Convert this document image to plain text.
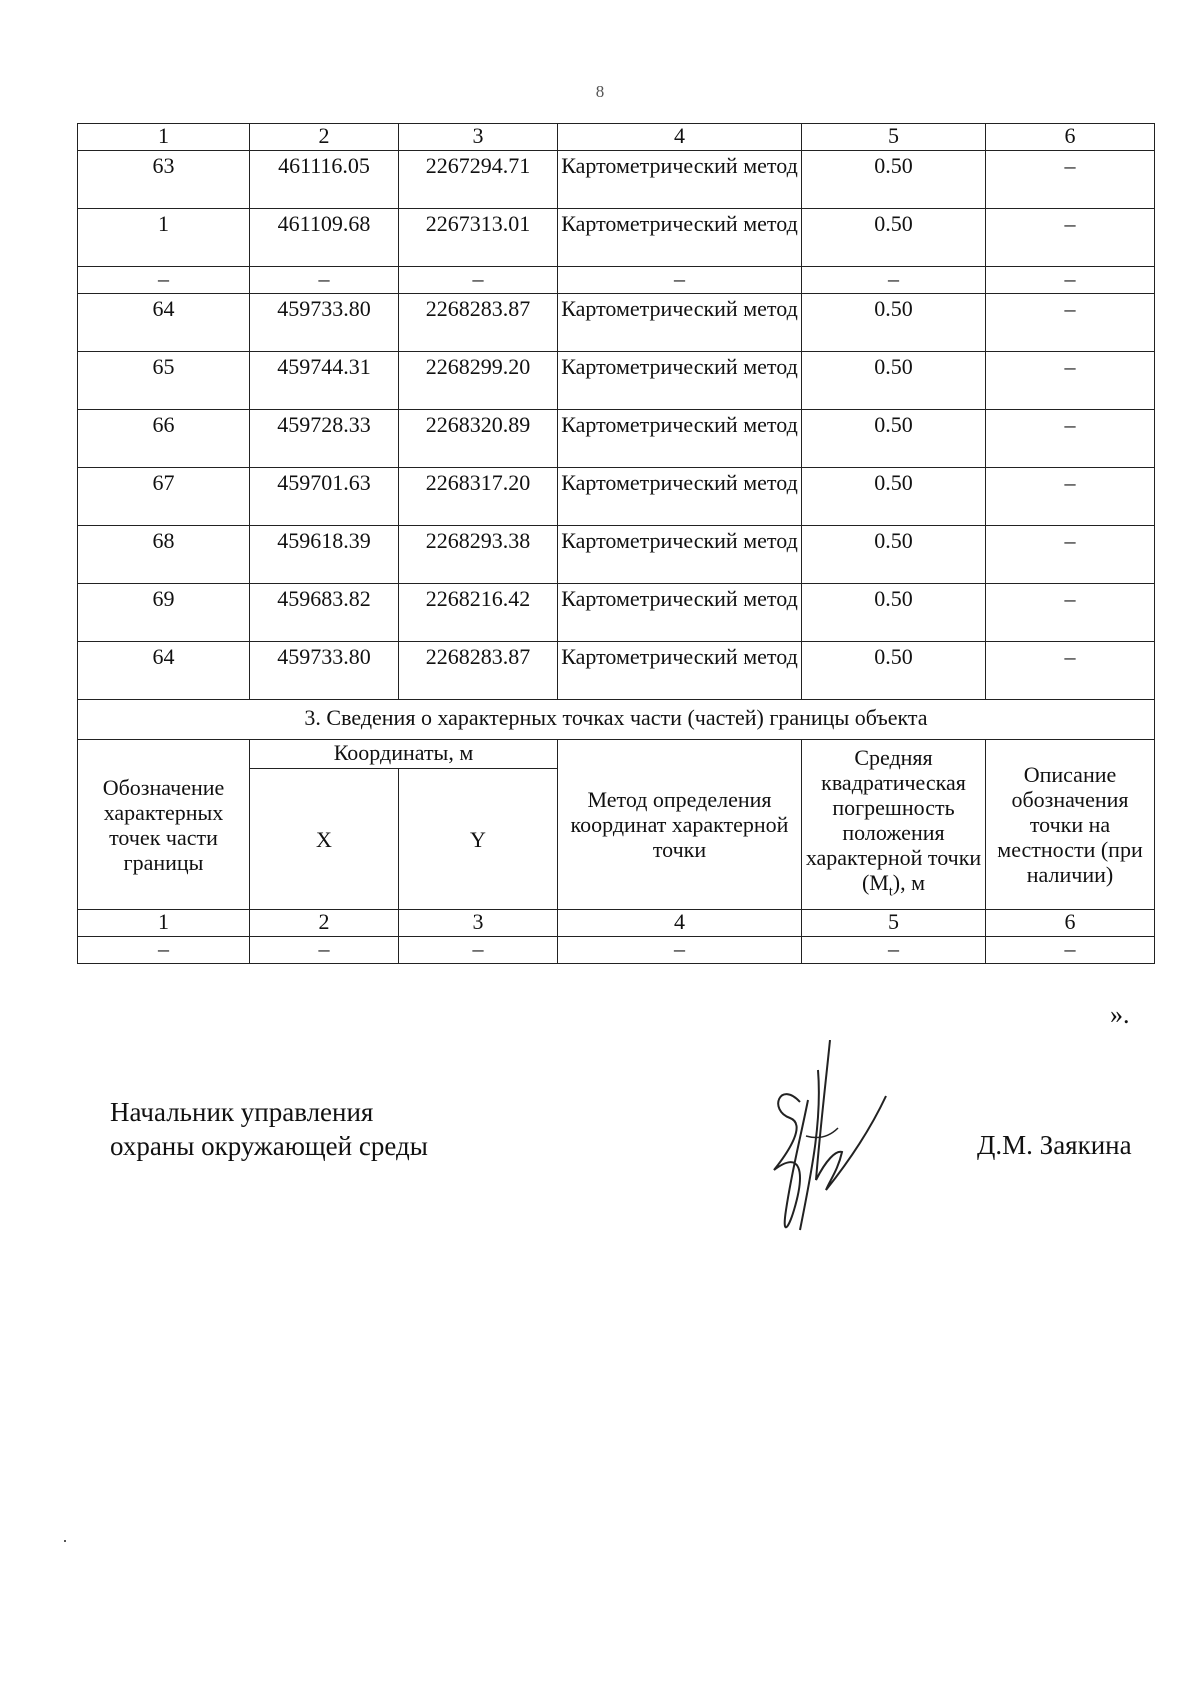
8
1	2	3	4	5	6
63	461116.05	2267294.71	Картометрический метод	0.50	–
1	461109.68	2267313.01	Картометрический метод	0.50	–
–	–	–	–	–	–
64	459733.80	2268283.87	Картометрический метод	0.50	–
65	459744.31	2268299.20	Картометрический метод	0.50	–
66	459728.33	2268320.89	Картометрический метод	0.50	–
67	459701.63	2268317.20	Картометрический метод	0.50	–
68	459618.39	2268293.38	Картометрический метод	0.50	–
69	459683.82	2268216.42	Картометрический метод	0.50	–
64	459733.80	2268283.87	Картометрический метод	0.50	–
3. Сведения о характерных точках части (частей) границы объекта					
Обозначение характерных точек части границы	Координаты, м		Метод определения координат характерной точки	Средняя квадратическая погрешность положения характерной точки $(M_t)$, м	Описание обозначения точки на местности (при наличии)
	X	Y			
1	2	3	4	5	6
–	–	–	–	–	–
».
Начальник управления
охраны окружающей среды	Д.М. Заякина
